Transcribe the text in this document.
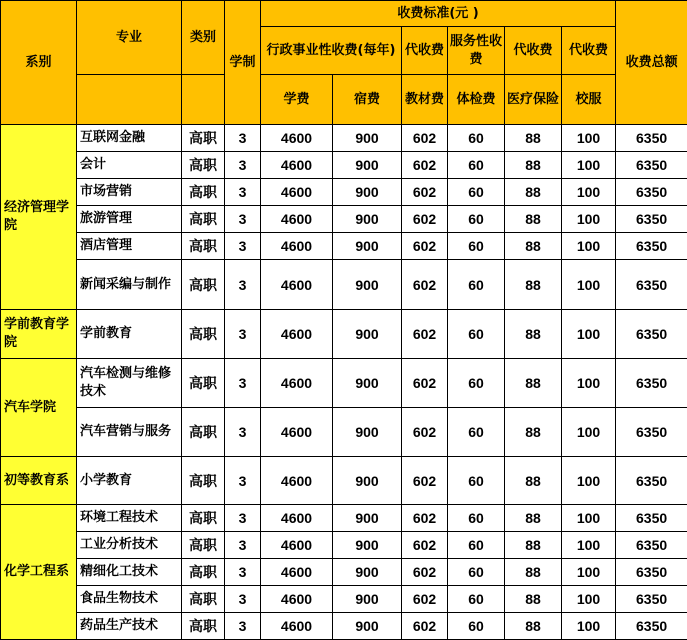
系别	专业	类别	学制	收费标准(元 )						收费总额
				行政事业性收费(每年)		代收费	服务性收费	代收费	代收费	
				学费	宿费	教材费	体检费	医疗保险	校服	
经济管理学院	互联网金融	高职	3	4600	900	602	60	88	100	6350
	会计	高职	3	4600	900	602	60	88	100	6350
	市场营销	高职	3	4600	900	602	60	88	100	6350
	旅游管理	高职	3	4600	900	602	60	88	100	6350
	酒店管理	高职	3	4600	900	602	60	88	100	6350
	新闻采编与制作	高职	3	4600	900	602	60	88	100	6350
学前教育学院	学前教育	高职	3	4600	900	602	60	88	100	6350
汽车学院	汽车检测与维修技术	高职	3	4600	900	602	60	88	100	6350
	汽车营销与服务	高职	3	4600	900	602	60	88	100	6350
初等教育系	小学教育	高职	3	4600	900	602	60	88	100	6350
化学工程系	环境工程技术	高职	3	4600	900	602	60	88	100	6350
	工业分析技术	高职	3	4600	900	602	60	88	100	6350
	精细化工技术	高职	3	4600	900	602	60	88	100	6350
	食品生物技术	高职	3	4600	900	602	60	88	100	6350
	药品生产技术	高职	3	4600	900	602	60	88	100	6350
